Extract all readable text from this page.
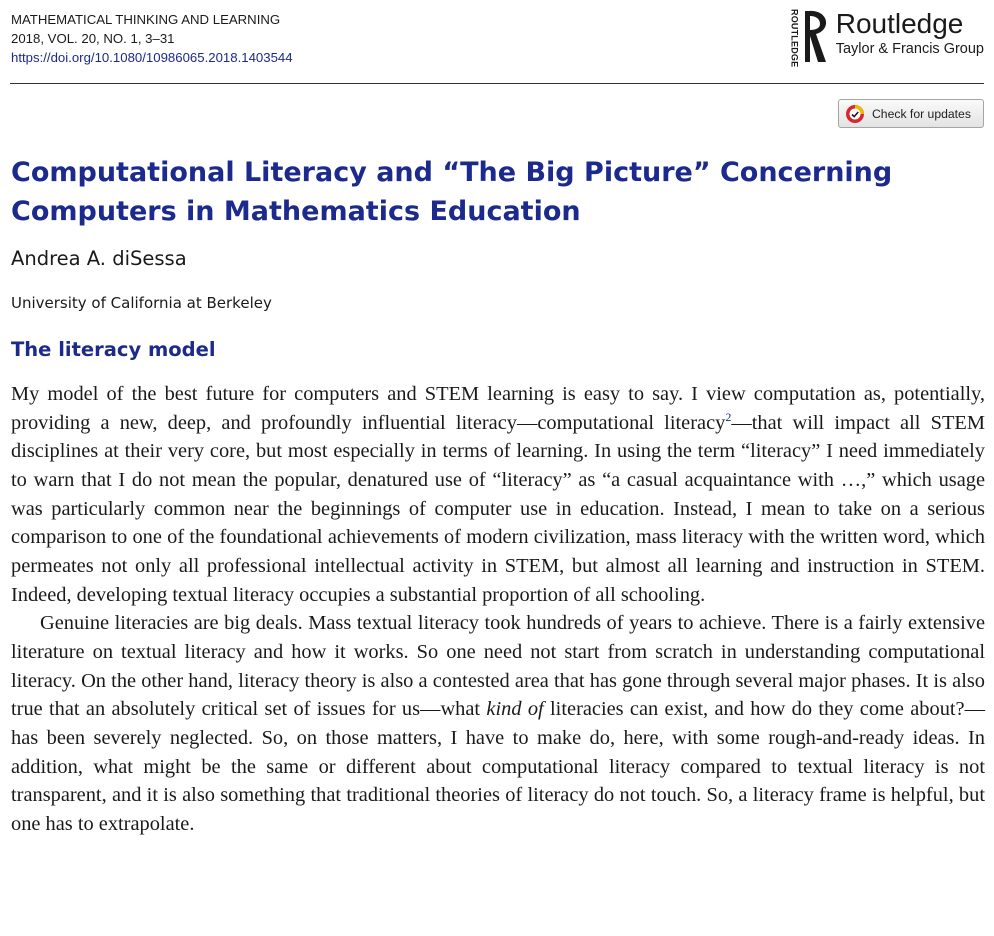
MATHEMATICAL THINKING AND LEARNING
2018, VOL. 20, NO. 1, 3–31
https://doi.org/10.1080/10986065.2018.1403544	ROUTLEDGE Routledge
Taylor & Francis Group
Check for updates
Computational Literacy and “The Big Picture” Concerning Computers in Mathematics Education
Andrea A. diSessa
University of California at Berkeley
The literacy model

My model of the best future for computers and STEM learning is easy to say. I view computation as, potentially, providing a new, deep, and profoundly influential literacy—computational literacy$^2$—that will impact all STEM disciplines at their very core, but most especially in terms of learning. In using the term “literacy” I need immediately to warn that I do not mean the popular, denatured use of “literacy” as “a casual acquaintance with …,” which usage was particularly common near the beginnings of computer use in education. Instead, I mean to take on a serious comparison to one of the foundational achievements of modern civilization, mass literacy with the written word, which permeates not only all professional intellectual activity in STEM, but almost all learning and instruction in STEM. Indeed, developing textual literacy occupies a substantial proportion of all schooling.

Genuine literacies are big deals. Mass textual literacy took hundreds of years to achieve. There is a fairly extensive literature on textual literacy and how it works. So one need not start from scratch in understanding computational literacy. On the other hand, literacy theory is also a contested area that has gone through several major phases. It is also true that an absolutely critical set of issues for us—what kind of literacies can exist, and how do they come about?—has been severely neglected. So, on those matters, I have to make do, here, with some rough-and-ready ideas. In addition, what might be the same or different about computational literacy compared to textual literacy is not transparent, and it is also something that traditional theories of literacy do not touch. So, a literacy frame is helpful, but one has to extrapolate.
